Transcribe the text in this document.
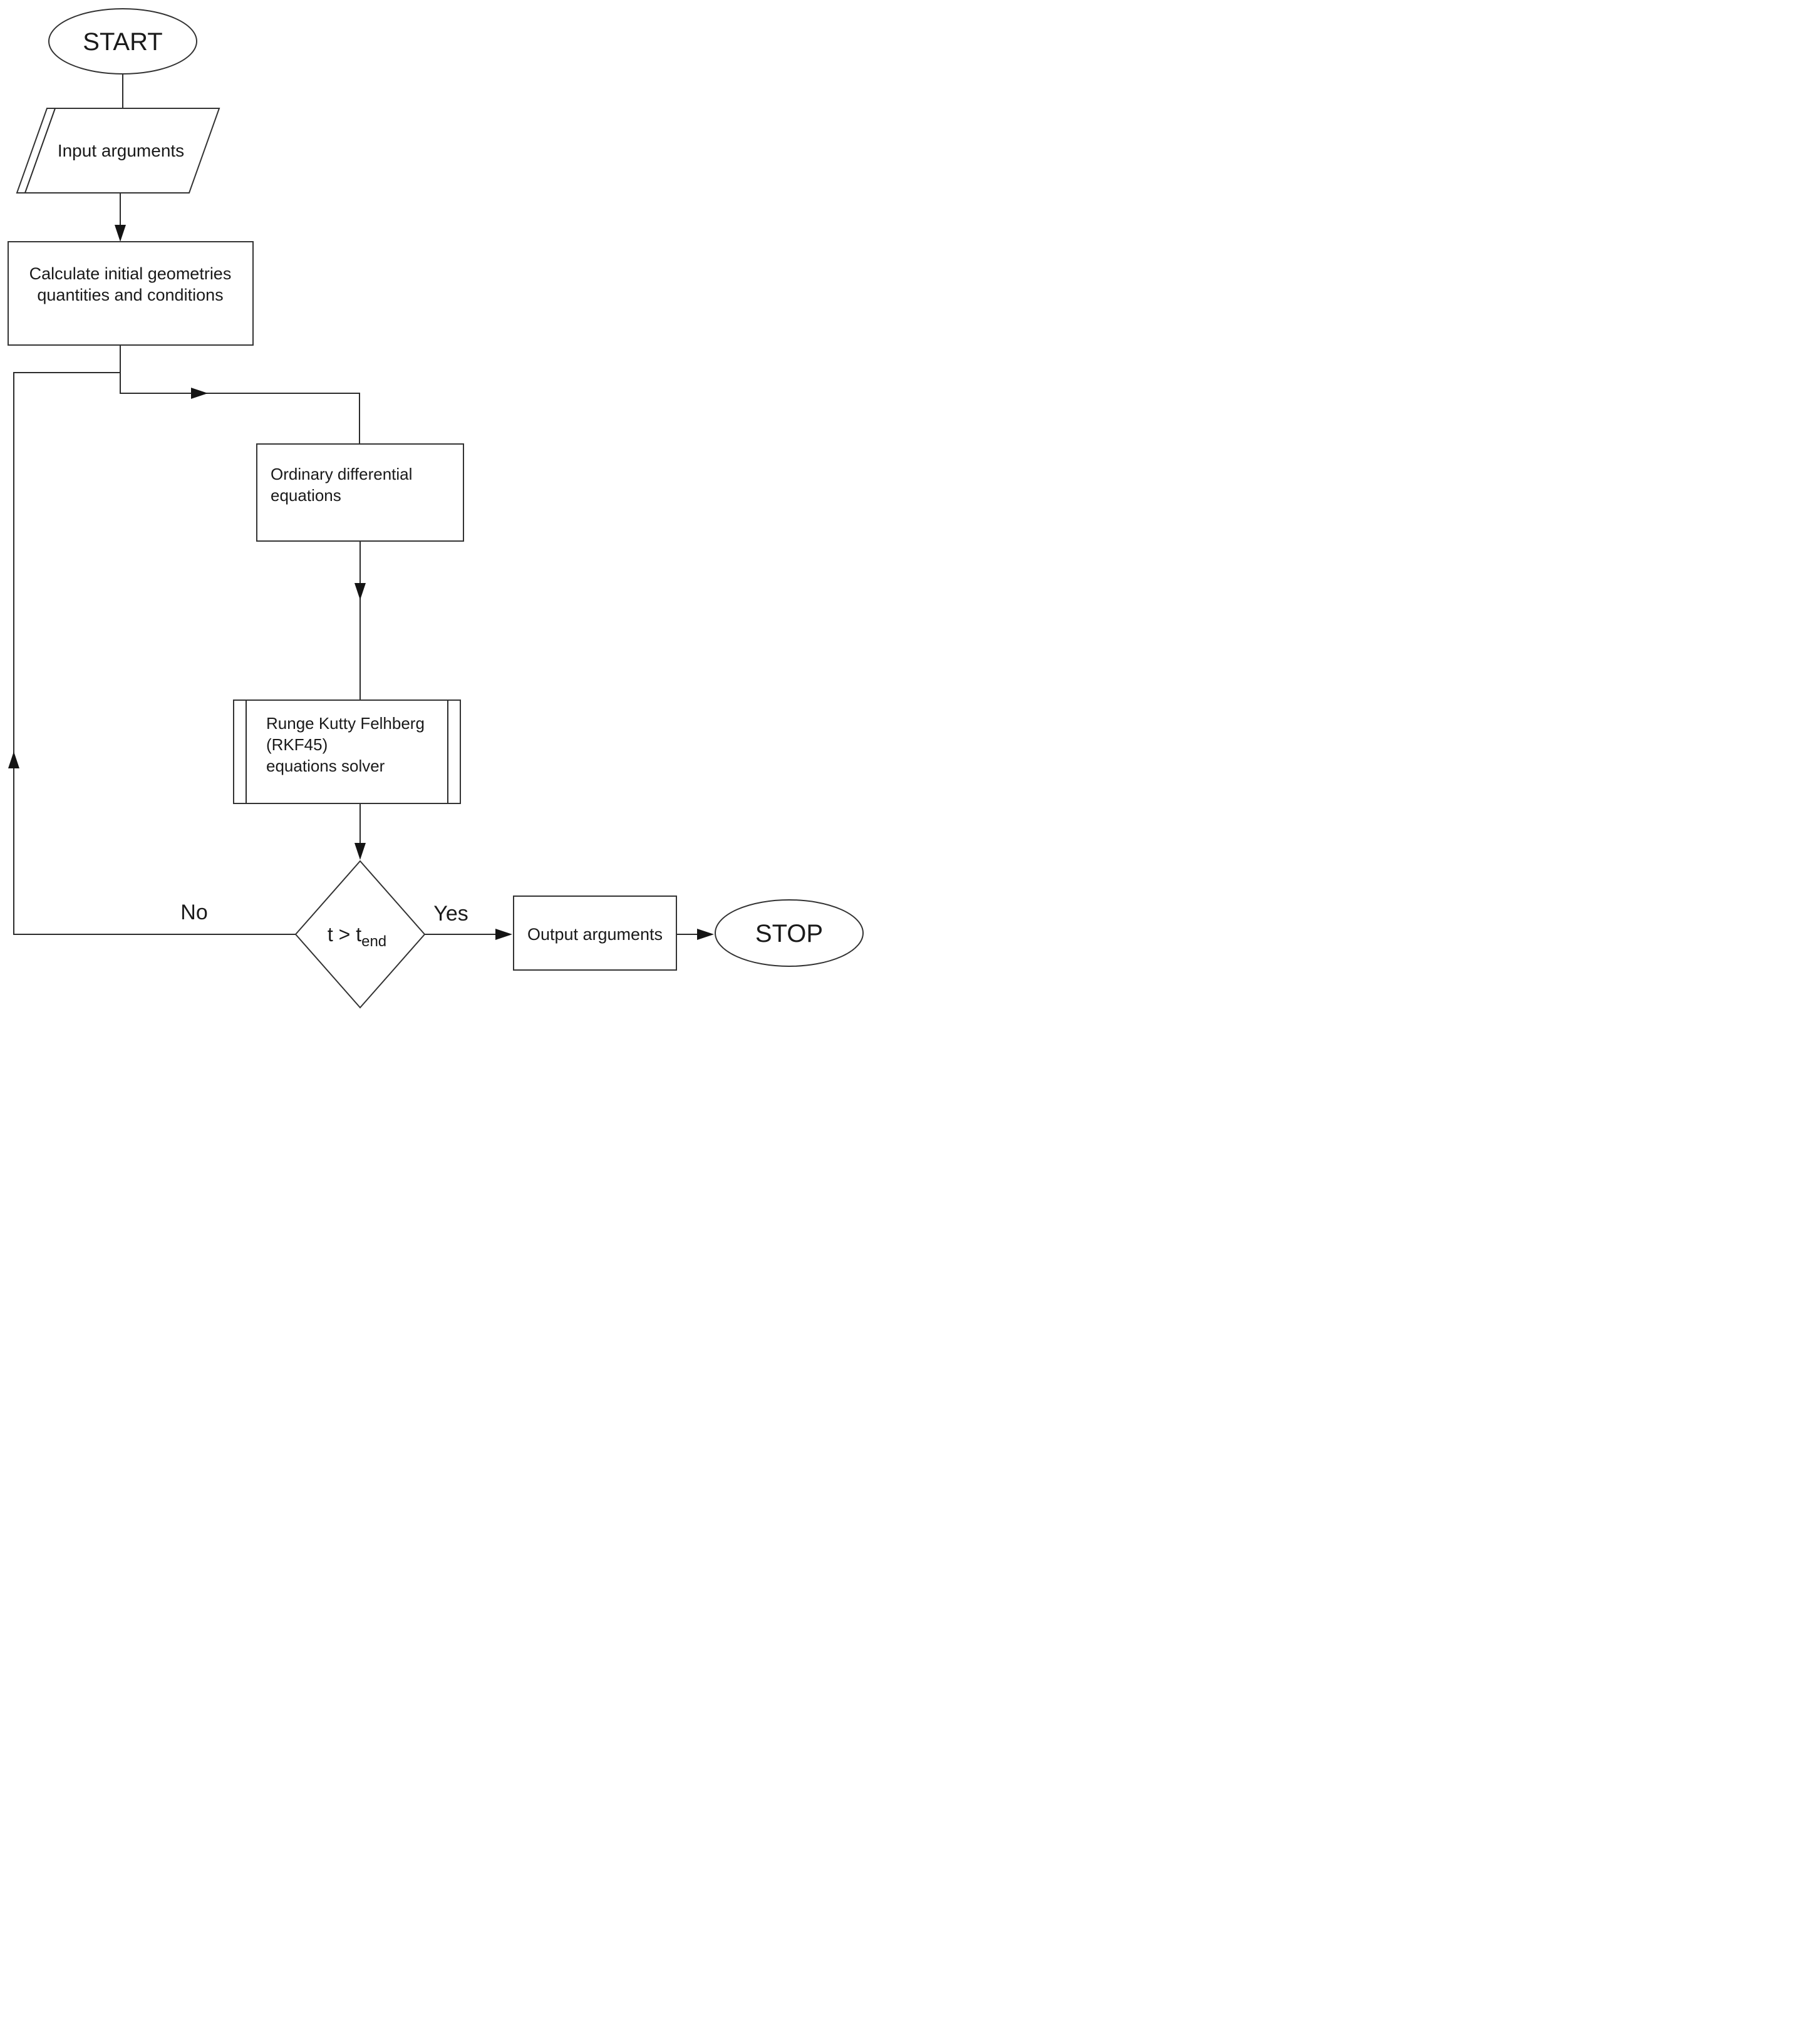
START
Input arguments
Calculate initial geometries
quantities and conditions
Ordinary differential
equations
Runge Kutty Felhberg
(RKF45)
equations solver
$t > t_{end}$
No	Yes
Output arguments	STOP
